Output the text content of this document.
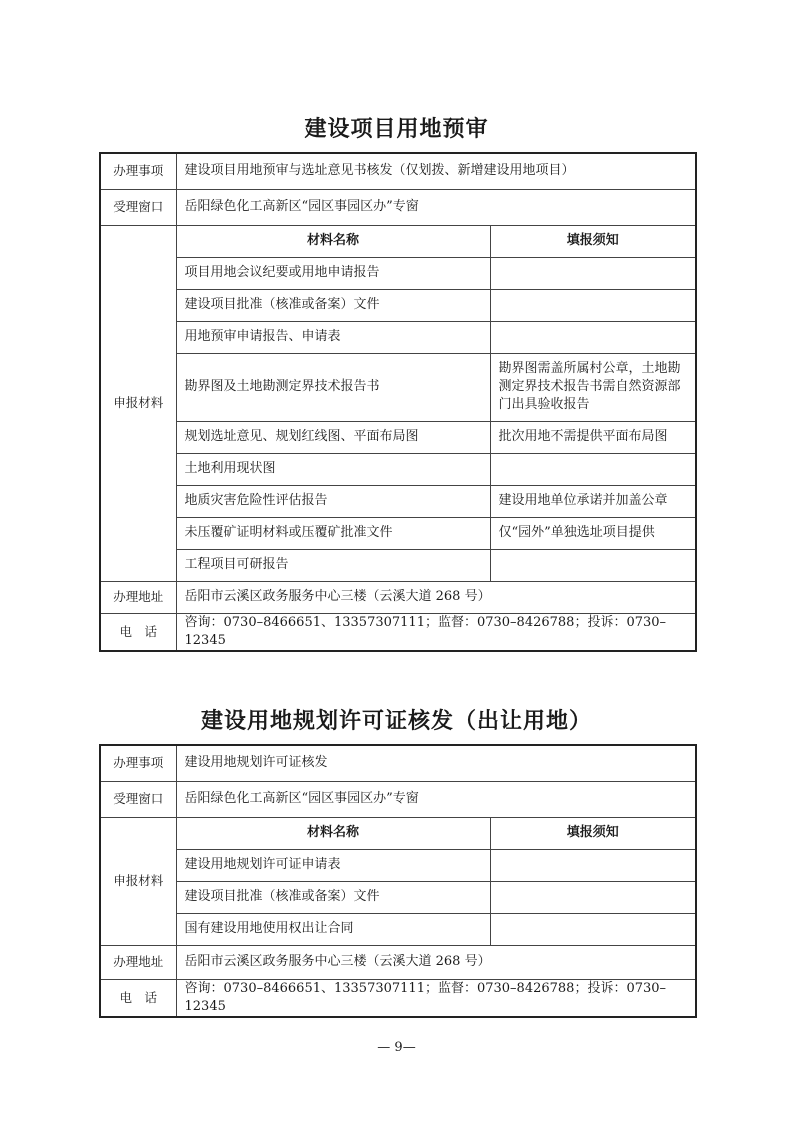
建设项目用地预审
办理事项	建设项目用地预审与选址意见书核发（仅划拨、新增建设用地项目）	
受理窗口	岳阳绿色化工高新区“园区事园区办”专窗	
申报材料	材料名称	填报须知
	项目用地会议纪要或用地申请报告	
	建设项目批准（核准或备案）文件	
	用地预审申请报告、申请表	
	勘界图及土地勘测定界技术报告书	勘界图需盖所属村公章，土地勘测定界技术报告书需自然资源部门出具验收报告
	规划选址意见、规划红线图、平面布局图	批次用地不需提供平面布局图
	土地利用现状图	
	地质灾害危险性评估报告	建设用地单位承诺并加盖公章
	未压覆矿证明材料或压覆矿批准文件	仅“园外”单独选址项目提供
	工程项目可研报告	
办理地址	岳阳市云溪区政务服务中心三楼（云溪大道 268 号）	
电　话	咨询：0730–8466651、13357307111；监督：0730–8426788；投诉：0730–12345	
建设用地规划许可证核发（出让用地）
办理事项	建设用地规划许可证核发	
受理窗口	岳阳绿色化工高新区“园区事园区办”专窗	
申报材料	材料名称	填报须知
	建设用地规划许可证申请表	
	建设项目批准（核准或备案）文件	
	国有建设用地使用权出让合同	
办理地址	岳阳市云溪区政务服务中心三楼（云溪大道 268 号）	
电　话	咨询：0730–8466651、13357307111；监督：0730–8426788；投诉：0730–12345	
— 9—
